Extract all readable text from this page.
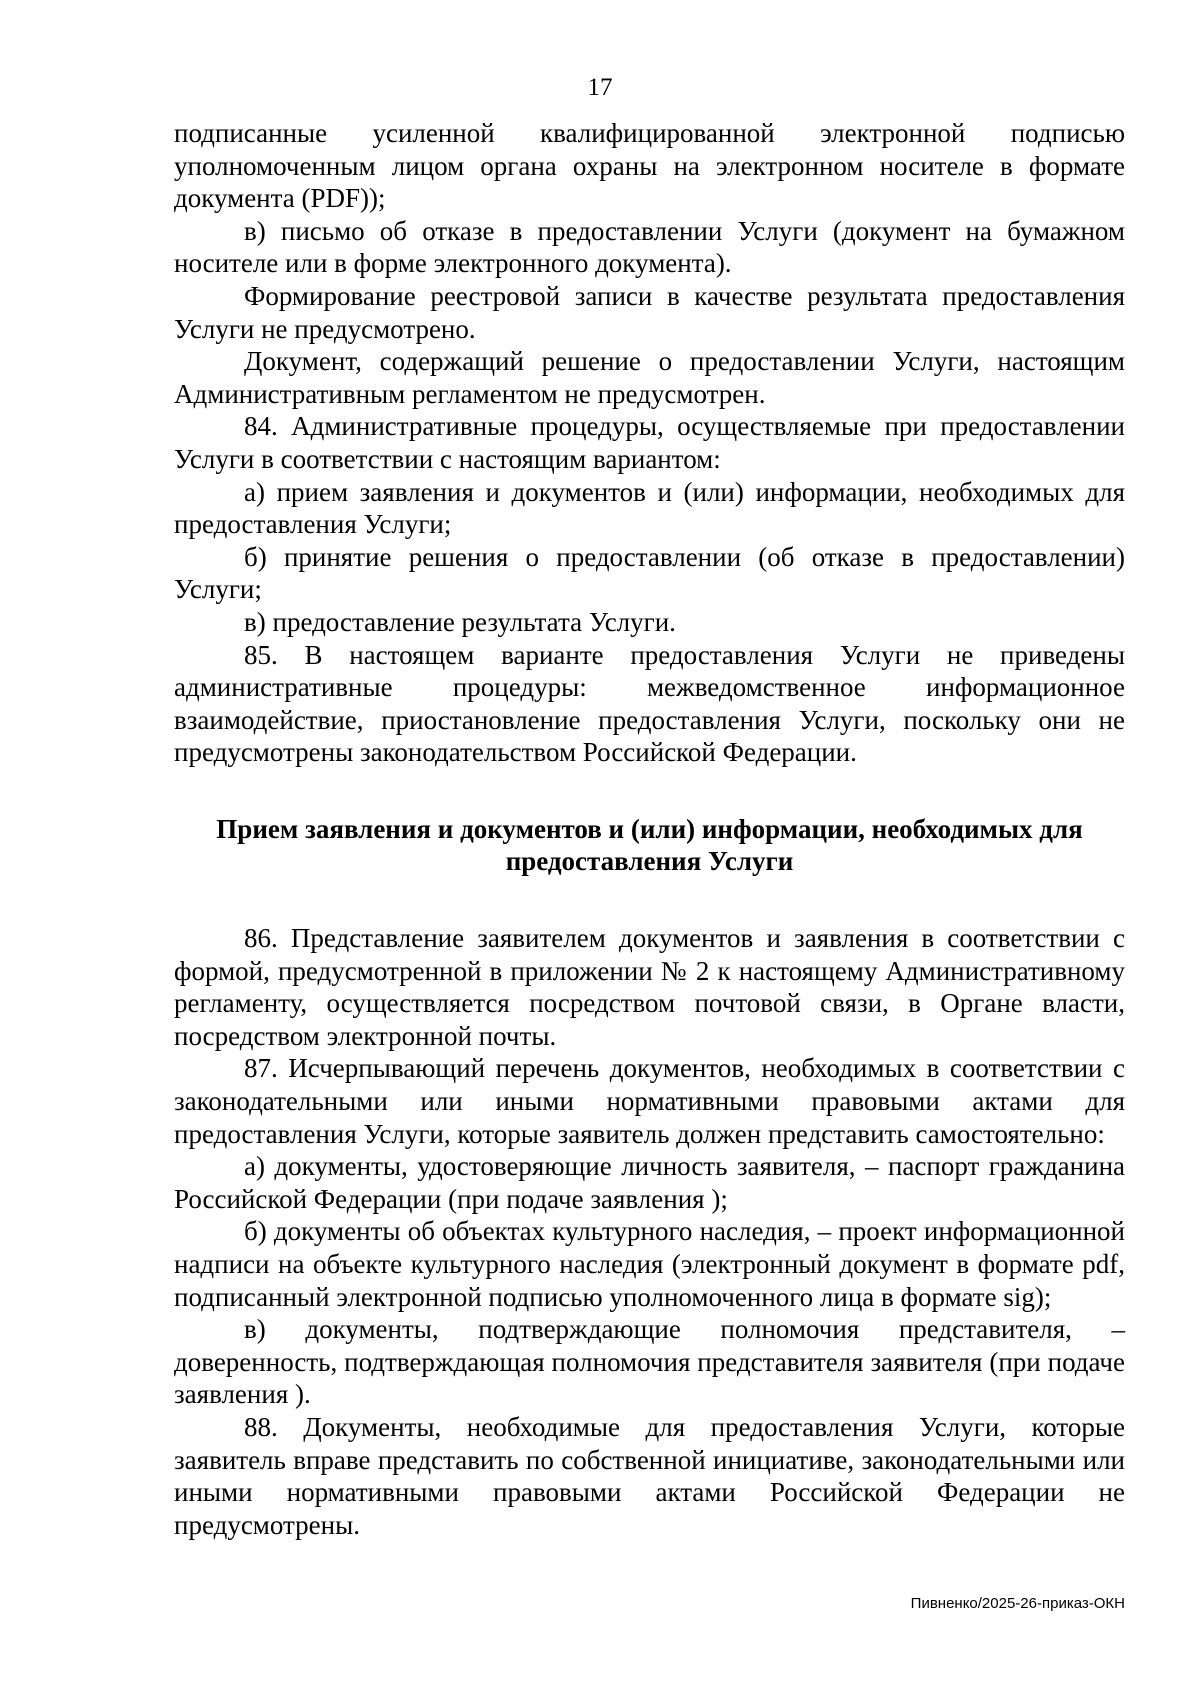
17

подписанные усиленной квалифицированной электронной подписью уполномоченным лицом органа охраны на электронном носителе в формате документа (PDF));

в) письмо об отказе в предоставлении Услуги (документ на бумажном носителе или в форме электронного документа).

Формирование реестровой записи в качестве результата предоставления Услуги не предусмотрено.

Документ, содержащий решение о предоставлении Услуги, настоящим Административным регламентом не предусмотрен.

84. Административные процедуры, осуществляемые при предоставлении Услуги в соответствии с настоящим вариантом:

а) прием заявления и документов и (или) информации, необходимых для предоставления Услуги;

б) принятие решения о предоставлении (об отказе в предоставлении) Услуги;

в) предоставление результата Услуги.

85. В настоящем варианте предоставления Услуги не приведены административные процедуры: межведомственное информационное взаимодействие, приостановление предоставления Услуги, поскольку они не предусмотрены законодательством Российской Федерации.

Прием заявления и документов и (или) информации, необходимых для
предоставления Услуги

86. Представление заявителем документов и заявления в соответствии с формой, предусмотренной в приложении № 2 к настоящему Административному регламенту, осуществляется посредством почтовой связи, в Органе власти, посредством электронной почты.

87. Исчерпывающий перечень документов, необходимых в соответствии с законодательными или иными нормативными правовыми актами для предоставления Услуги, которые заявитель должен представить самостоятельно:

а) документы, удостоверяющие личность заявителя, – паспорт гражданина Российской Федерации (при подаче заявления );

б) документы об объектах культурного наследия, – проект информационной надписи на объекте культурного наследия (электронный документ в формате pdf, подписанный электронной подписью уполномоченного лица в формате sig);

в) документы, подтверждающие полномочия представителя, – доверенность, подтверждающая полномочия представителя заявителя (при подаче заявления ).

88. Документы, необходимые для предоставления Услуги, которые заявитель вправе представить по собственной инициативе, законодательными или иными нормативными правовыми актами Российской Федерации не предусмотрены.

Пивненко/2025-26-приказ-ОКН
